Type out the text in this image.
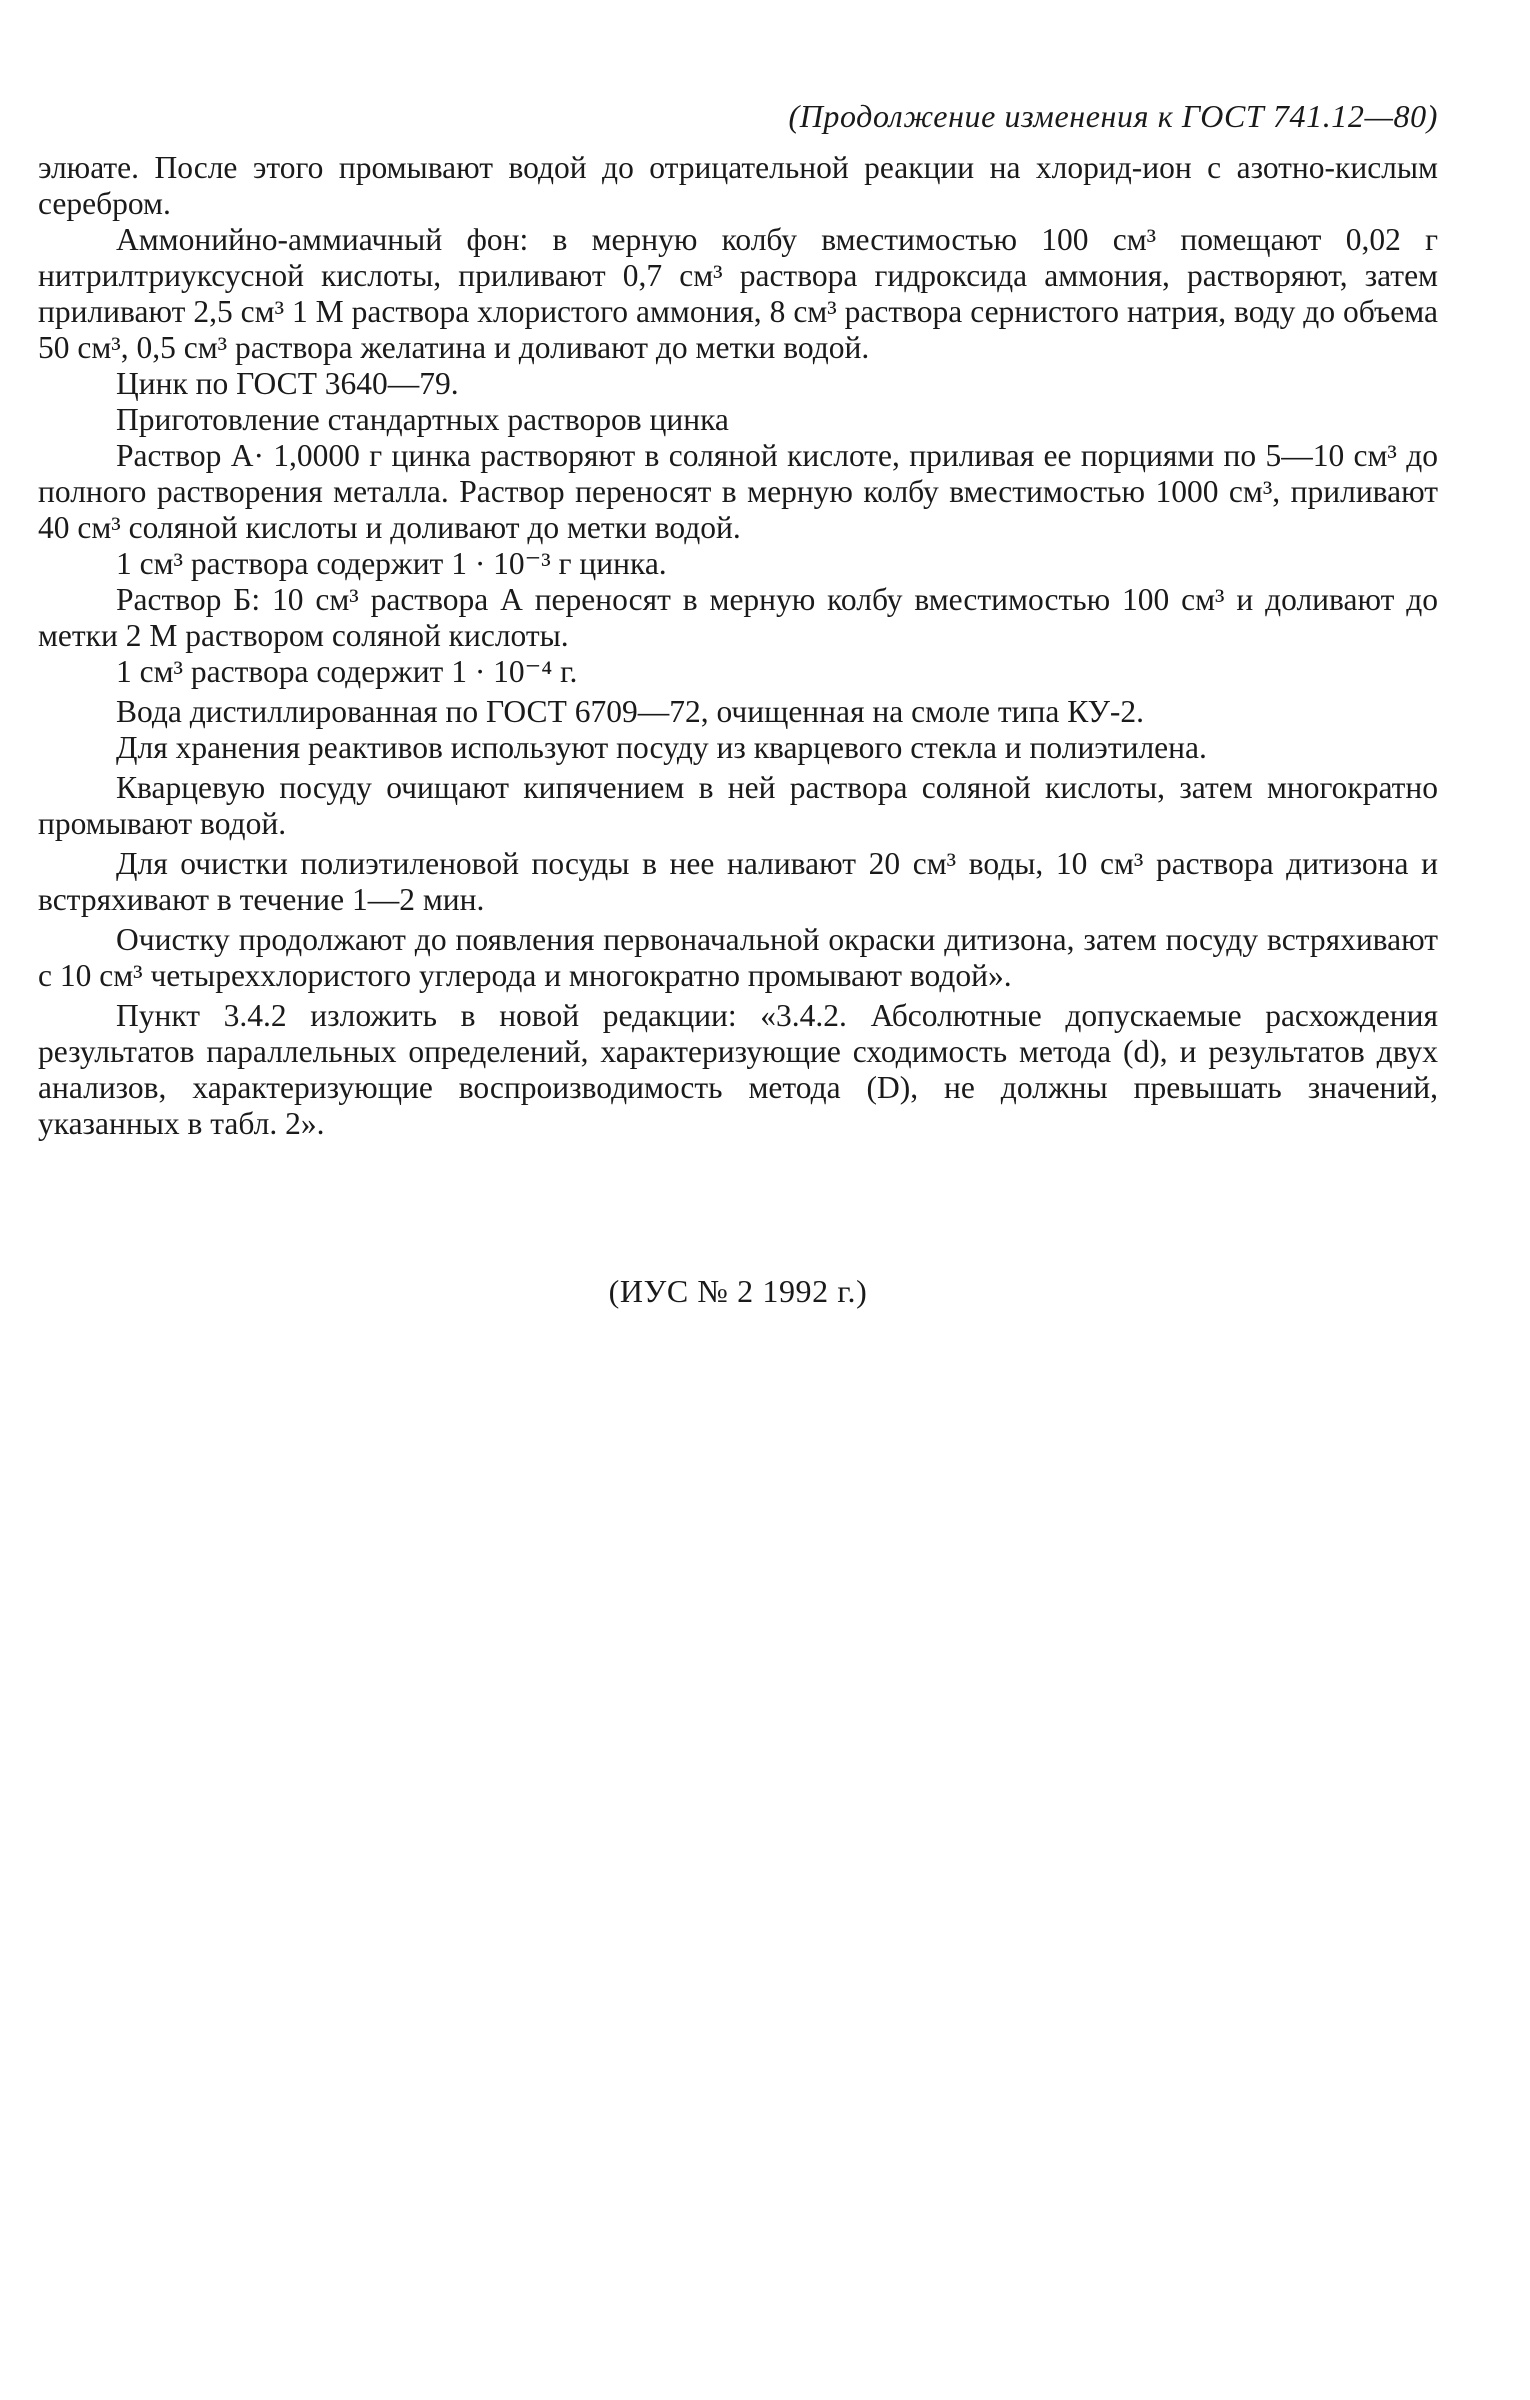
(Продолжение изменения к ГОСТ 741.12—80)

элюате. После этого промывают водой до отрицательной реакции на хлорид-ион с азотно-кислым серебром.

Аммонийно-аммиачный фон: в мерную колбу вместимостью 100 см³ помещают 0,02 г нитрилтриуксусной кислоты, приливают 0,7 см³ раствора гидроксида аммония, растворяют, затем приливают 2,5 см³ 1 М раствора хлористого аммония, 8 см³ раствора сернистого натрия, воду до объема 50 см³, 0,5 см³ раствора желатина и доливают до метки водой.

Цинк по ГОСТ 3640—79.

Приготовление стандартных растворов цинка

Раствор А· 1,0000 г цинка растворяют в соляной кислоте, приливая ее порциями по 5—10 см³ до полного растворения металла. Раствор переносят в мерную колбу вместимостью 1000 см³, приливают 40 см³ соляной кислоты и доливают до метки водой.

1 см³ раствора содержит 1 · 10⁻³ г цинка.

Раствор Б: 10 см³ раствора А переносят в мерную колбу вместимостью 100 см³ и доливают до метки 2 М раствором соляной кислоты.

1 см³ раствора содержит 1 · 10⁻⁴ г.

Вода дистиллированная по ГОСТ 6709—72, очищенная на смоле типа КУ-2.

Для хранения реактивов используют посуду из кварцевого стекла и полиэтилена.

Кварцевую посуду очищают кипячением в ней раствора соляной кислоты, затем многократно промывают водой.

Для очистки полиэтиленовой посуды в нее наливают 20 см³ воды, 10 см³ раствора дитизона и встряхивают в течение 1—2 мин.

Очистку продолжают до появления первоначальной окраски дитизона, затем посуду встряхивают с 10 см³ четыреххлористого углерода и многократно промывают водой».

Пункт 3.4.2 изложить в новой редакции: «3.4.2. Абсолютные допускаемые расхождения результатов параллельных определений, характеризующие сходимость метода (d), и результатов двух анализов, характеризующие воспроизводимость метода (D), не должны превышать значений, указанных в табл. 2».

(ИУС № 2 1992 г.)
